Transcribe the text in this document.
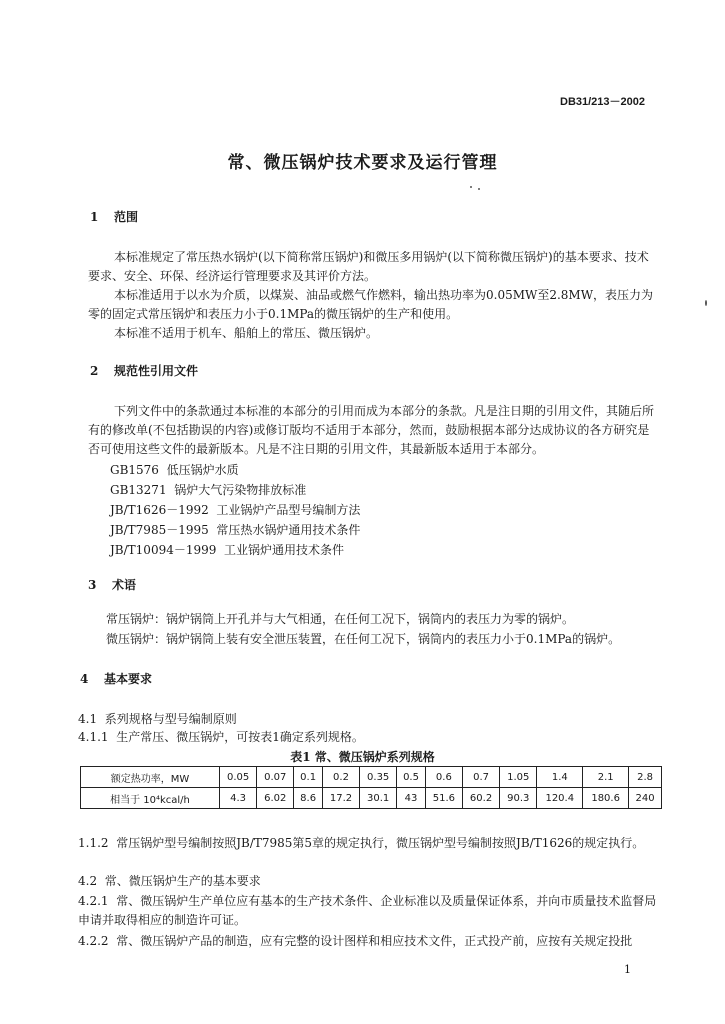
DB31/213－2002
常、微压锅炉技术要求及运行管理
1 范围
本标准规定了常压热水锅炉(以下简称常压锅炉)和微压多用锅炉(以下简称微压锅炉)的基本要求、技术要求、安全、环保、经济运行管理要求及其评价方法。
本标准适用于以水为介质，以煤炭、油品或燃气作燃料，输出热功率为0.05MW至2.8MW，表压力为零的固定式常压锅炉和表压力小于0.1MPa的微压锅炉的生产和使用。
本标准不适用于机车、船舶上的常压、微压锅炉。
2 规范性引用文件
下列文件中的条款通过本标准的本部分的引用而成为本部分的条款。凡是注日期的引用文件，其随后所有的修改单(不包括勘误的内容)或修订版均不适用于本部分，然而，鼓励根据本部分达成协议的各方研究是否可使用这些文件的最新版本。凡是不注日期的引用文件，其最新版本适用于本部分。
GB1576 低压锅炉水质
GB13271 锅炉大气污染物排放标准
JB/T1626－1992 工业锅炉产品型号编制方法
JB/T7985－1995 常压热水锅炉通用技术条件
JB/T10094－1999 工业锅炉通用技术条件
3 术语
常压锅炉：锅炉锅筒上开孔并与大气相通，在任何工况下，锅筒内的表压力为零的锅炉。
微压锅炉：锅炉锅筒上装有安全泄压装置，在任何工况下，锅筒内的表压力小于0.1MPa的锅炉。
4 基本要求
4.1 系列规格与型号编制原则
4.1.1 生产常压、微压锅炉，可按表1确定系列规格。
表1 常、微压锅炉系列规格
额定热功率，MW	0.05	0.07	0.1	0.2	0.35	0.5	0.6	0.7	1.05	1.4	2.1	2.8
相当于 10⁴kcal/h	4.3	6.02	8.6	17.2	30.1	43	51.6	60.2	90.3	120.4	180.6	240
1.1.2 常压锅炉型号编制按照JB/T7985第5章的规定执行，微压锅炉型号编制按照JB/T1626的规定执行。
4.2 常、微压锅炉生产的基本要求
4.2.1 常、微压锅炉生产单位应有基本的生产技术条件、企业标准以及质量保证体系，并向市质量技术监督局申请并取得相应的制造许可证。
4.2.2 常、微压锅炉产品的制造，应有完整的设计图样和相应技术文件，正式投产前，应按有关规定投批
1
